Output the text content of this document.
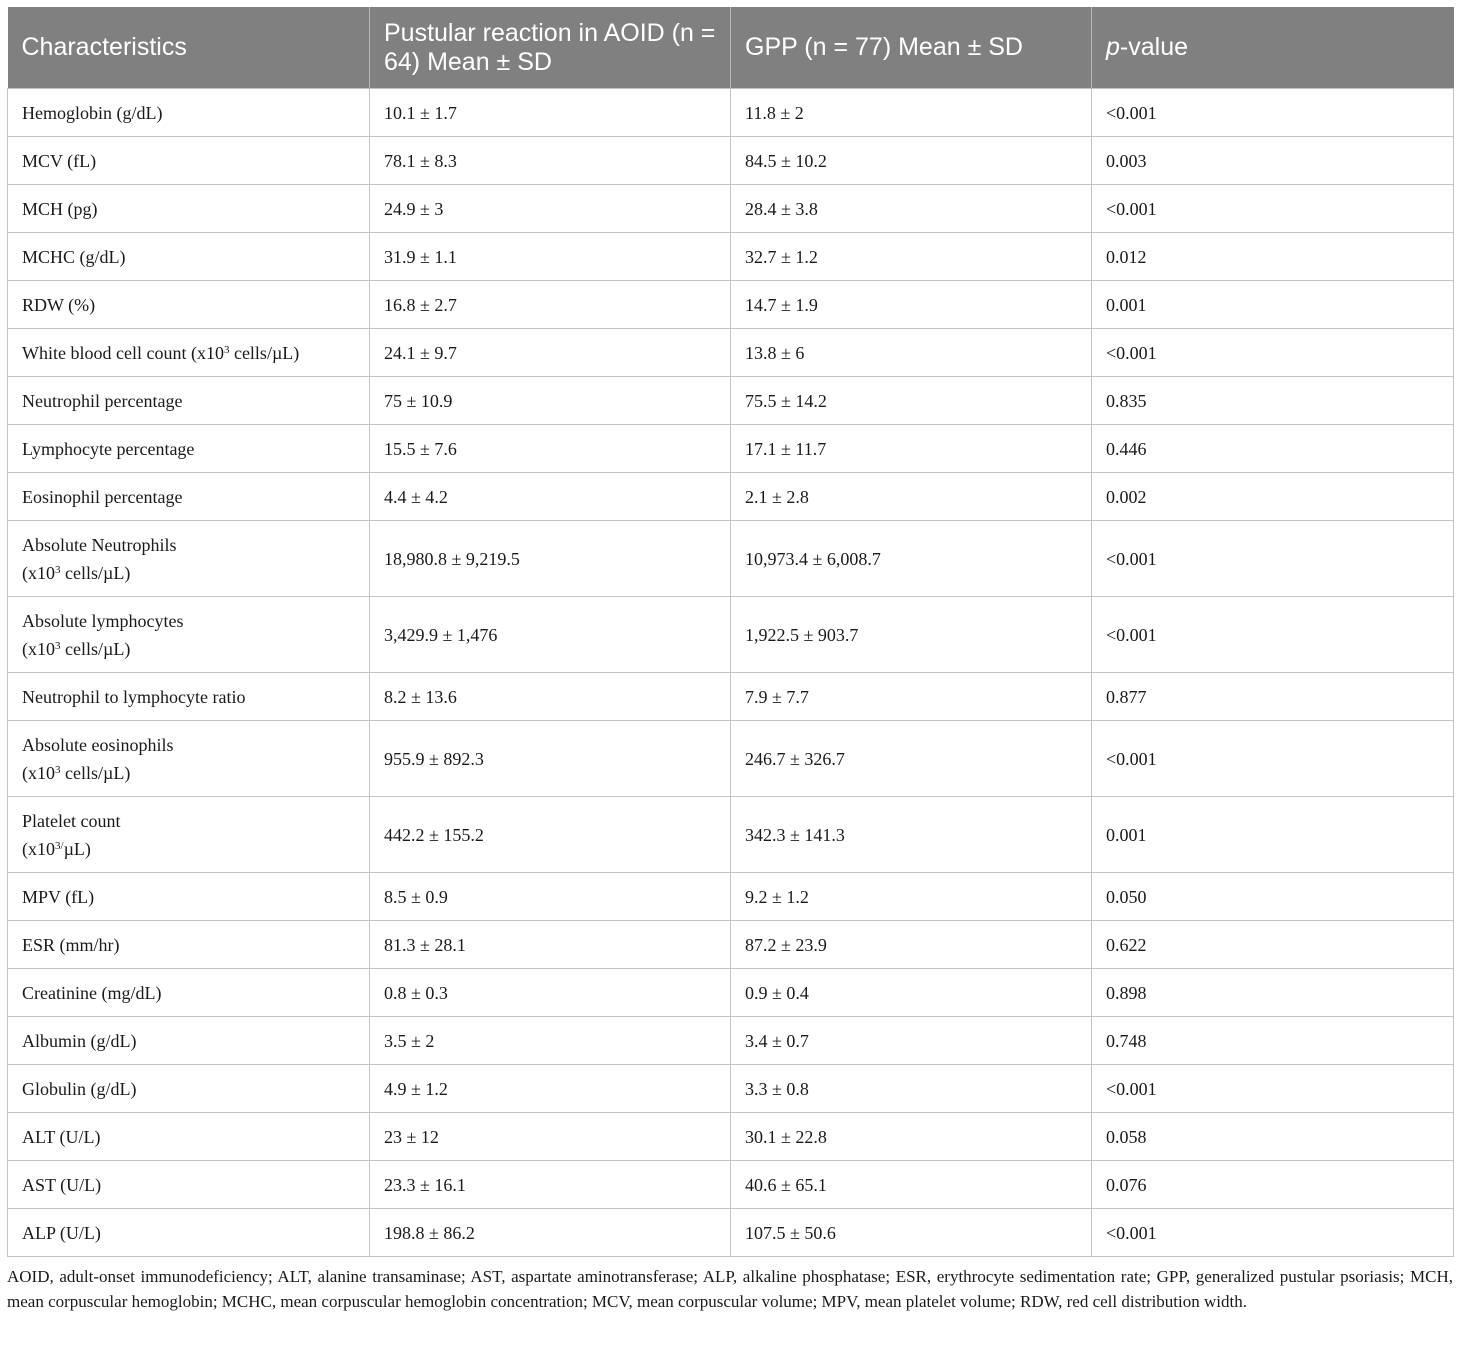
Characteristics	Pustular reaction in AOID (n = 64) Mean ± SD	GPP (n = 77) Mean ± SD	p-value
Hemoglobin (g/dL)	10.1 ± 1.7	11.8 ± 2	<0.001
MCV (fL)	78.1 ± 8.3	84.5 ± 10.2	0.003
MCH (pg)	24.9 ± 3	28.4 ± 3.8	<0.001
MCHC (g/dL)	31.9 ± 1.1	32.7 ± 1.2	0.012
RDW (%)	16.8 ± 2.7	14.7 ± 1.9	0.001
White blood cell count ($x10^3$ cells/µL)	24.1 ± 9.7	13.8 ± 6	<0.001
Neutrophil percentage	75 ± 10.9	75.5 ± 14.2	0.835
Lymphocyte percentage	15.5 ± 7.6	17.1 ± 11.7	0.446
Eosinophil percentage	4.4 ± 4.2	2.1 ± 2.8	0.002
Absolute Neutrophils
($x10^3$ cells/µL)	18,980.8 ± 9,219.5	10,973.4 ± 6,008.7	<0.001
Absolute lymphocytes
($x10^3$ cells/µL)	3,429.9 ± 1,476	1,922.5 ± 903.7	<0.001
Neutrophil to lymphocyte ratio	8.2 ± 13.6	7.9 ± 7.7	0.877
Absolute eosinophils
($x10^3$ cells/µL)	955.9 ± 892.3	246.7 ± 326.7	<0.001
Platelet count
$(x10^{3/}\mu L)$	442.2 ± 155.2	342.3 ± 141.3	0.001
MPV (fL)	8.5 ± 0.9	9.2 ± 1.2	0.050
ESR (mm/hr)	81.3 ± 28.1	87.2 ± 23.9	0.622
Creatinine (mg/dL)	0.8 ± 0.3	0.9 ± 0.4	0.898
Albumin (g/dL)	3.5 ± 2	3.4 ± 0.7	0.748
Globulin (g/dL)	4.9 ± 1.2	3.3 ± 0.8	<0.001
ALT (U/L)	23 ± 12	30.1 ± 22.8	0.058
AST (U/L)	23.3 ± 16.1	40.6 ± 65.1	0.076
ALP (U/L)	198.8 ± 86.2	107.5 ± 50.6	<0.001
AOID, adult-onset immunodeficiency; ALT, alanine transaminase; AST, aspartate aminotransferase; ALP, alkaline phosphatase; ESR, erythrocyte sedimentation rate; GPP, generalized pustular psoriasis; MCH, mean corpuscular hemoglobin; MCHC, mean corpuscular hemoglobin concentration; MCV, mean corpuscular volume; MPV, mean platelet volume; RDW, red cell distribution width.
